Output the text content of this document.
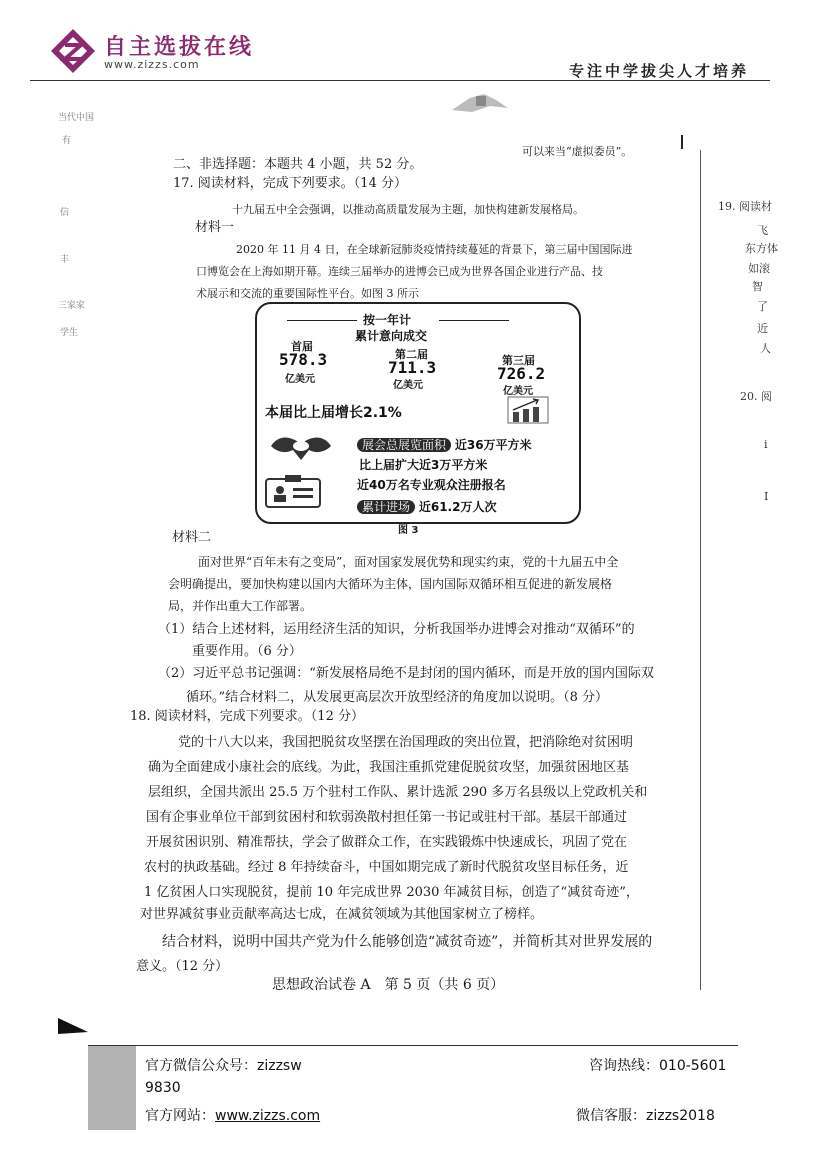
自主选拔在线
www.zizzs.com	专注中学拔尖人才培养
当代中国
有
信
丰
三家家
学生
可以来当“虚拟委员”。
19. 阅读材
飞
东方体
如滚
智
了
近
人
20. 阅
i
I
二、非选择题：本题共 4 小题，共 52 分。
17. 阅读材料，完成下列要求。（14 分）
十九届五中全会强调，以推动高质量发展为主题，加快构建新发展格局。
材料一
2020 年 11 月 4 日，在全球新冠肺炎疫情持续蔓延的背景下，第三届中国国际进
口博览会在上海如期开幕。连续三届举办的进博会已成为世界各国企业进行产品、技
术展示和交流的重要国际性平台。如图 3 所示
按一年计
累计意向成交
首届
578.3
亿美元
第二届
711.3
亿美元
第三届
726.2
亿美元
本届比上届增长2.1%
展会总展览面积 近36万平方米
比上届扩大近3万平方米
近40万名专业观众注册报名
累计进场 近61.2万人次
图 3
材料二
面对世界“百年未有之变局”，面对国家发展优势和现实约束，党的十九届五中全
会明确提出，要加快构建以国内大循环为主体，国内国际双循环相互促进的新发展格
局，并作出重大工作部署。
（1）结合上述材料，运用经济生活的知识，分析我国举办进博会对推动“双循环”的
重要作用。（6 分）
（2）习近平总书记强调：“新发展格局绝不是封闭的国内循环，而是开放的国内国际双
循环。”结合材料二，从发展更高层次开放型经济的角度加以说明。（8 分）
18. 阅读材料，完成下列要求。（12 分）
党的十八大以来，我国把脱贫攻坚摆在治国理政的突出位置，把消除绝对贫困明
确为全面建成小康社会的底线。为此，我国注重抓党建促脱贫攻坚，加强贫困地区基
层组织，全国共派出 25.5 万个驻村工作队、累计选派 290 多万名县级以上党政机关和
国有企事业单位干部到贫困村和软弱涣散村担任第一书记或驻村干部。基层干部通过
开展贫困识别、精准帮扶，学会了做群众工作，在实践锻炼中快速成长，巩固了党在
农村的执政基础。经过 8 年持续奋斗，中国如期完成了新时代脱贫攻坚目标任务，近
1 亿贫困人口实现脱贫，提前 10 年完成世界 2030 年减贫目标，创造了“减贫奇迹”，
对世界减贫事业贡献率高达七成，在减贫领域为其他国家树立了榜样。
结合材料，说明中国共产党为什么能够创造“减贫奇迹”，并简析其对世界发展的
意义。（12 分）
思想政治试卷 A　第 5 页（共 6 页）
官方微信公众号：zizzsw	咨询热线：010-5601
9830
官方网站：www.zizzs.com	微信客服：zizzs2018
